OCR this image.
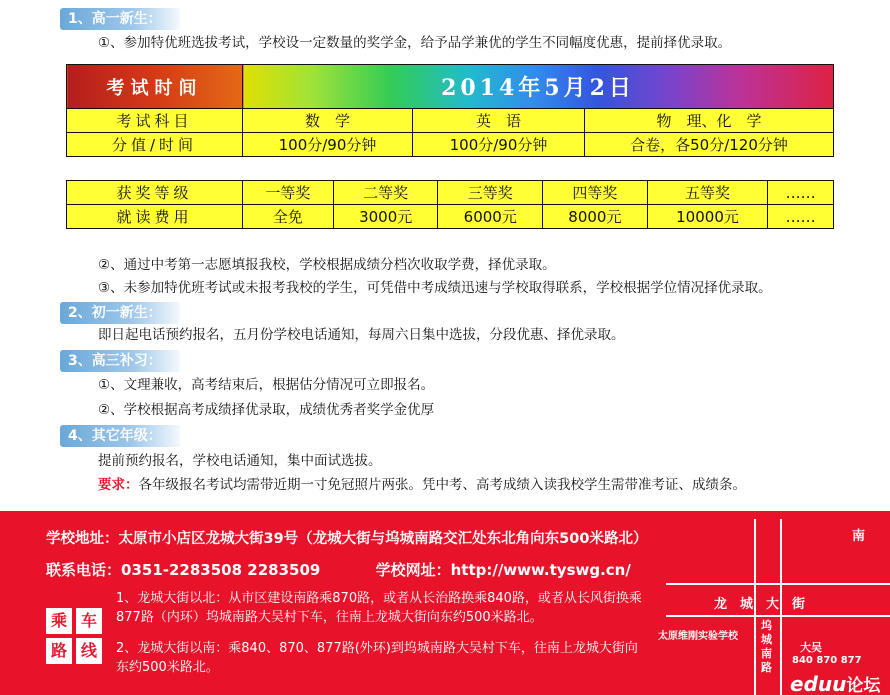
1、高一新生：
①、参加特优班选拔考试，学校设一定数量的奖学金，给予品学兼优的学生不同幅度优惠，提前择优录取。
考试时间	2014年5月2日		
考试科目	数　学	英　语	物　理、化　学
分值/时间	100分/90分钟	100分/90分钟	合卷，各50分/120分钟
获奖等级	一等奖	二等奖	三等奖	四等奖	五等奖	……
就读费用	全免	3000元	6000元	8000元	10000元	……
②、通过中考第一志愿填报我校，学校根据成绩分档次收取学费，择优录取。
③、未参加特优班考试或未报考我校的学生，可凭借中考成绩迅速与学校取得联系，学校根据学位情况择优录取。
2、初一新生：
即日起电话预约报名，五月份学校电话通知，每周六日集中选拔，分段优惠、择优录取。
3、高三补习：
①、文理兼收，高考结束后，根据估分情况可立即报名。
②、学校根据高考成绩择优录取，成绩优秀者奖学金优厚
4、其它年级：
提前预约报名，学校电话通知，集中面试选拔。
要求：各年级报名考试均需带近期一寸免冠照片两张。凭中考、高考成绩入读我校学生需带准考证、成绩条。
学校地址：太原市小店区龙城大街39号（龙城大街与坞城南路交汇处东北角向东500米路北）
联系电话：0351-2283508 2283509	学校网址：http://www.tyswg.cn/
乘 车
路 线
1、龙城大街以北：从市区建设南路乘870路，或者从长治路换乘840路，或者从长风街换乘877路（内环）坞城南路大吴村下车，往南上龙城大街向东约500米路北。
2、龙城大街以南：乘840、870、877路(外环)到坞城南路大吴村下车，往南上龙城大街向东约500米路北。
南
龙　城　大　街
太原维刚实验学校
坞
城
南
路
大吴
840 870 877
eduu论坛
